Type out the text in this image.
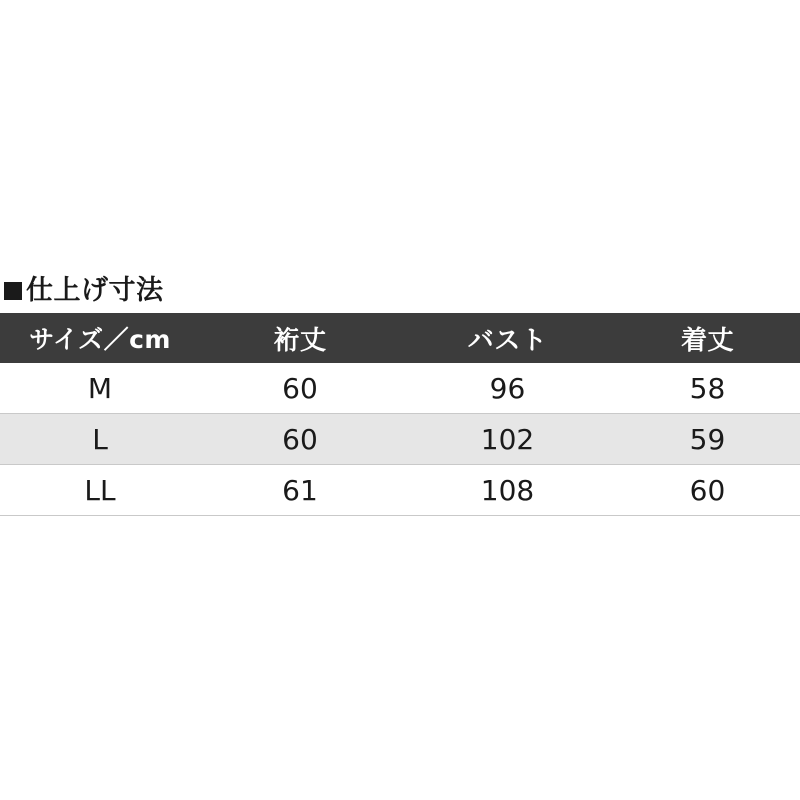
仕上げ寸法
サイズ／cm	裄丈	バスト	着丈
M	60	96	58
L	60	102	59
LL	61	108	60
